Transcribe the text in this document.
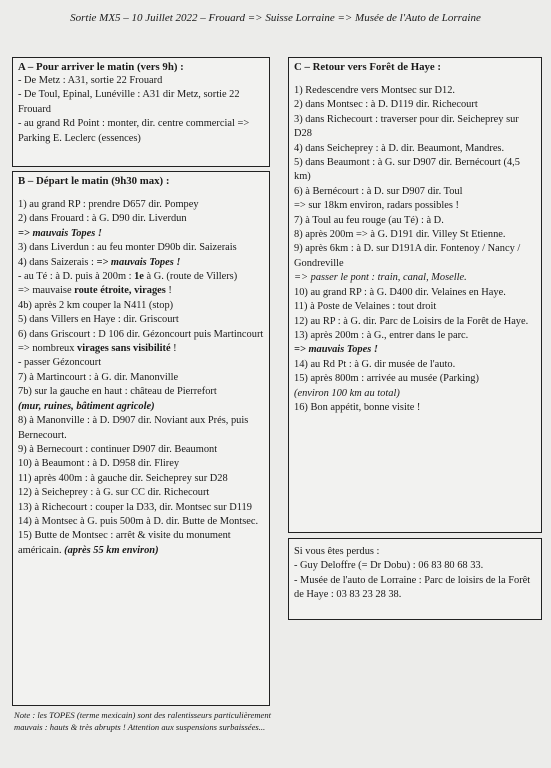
Sortie MX5 – 10 Juillet 2022 – Frouard => Suisse Lorraine => Musée de l'Auto de Lorraine
A – Pour arriver le matin (vers 9h) :

- De Metz : A31, sortie 22 Frouard

- De Toul, Epinal, Lunéville : A31 dir Metz, sortie 22 Frouard

- au grand Rd Point : monter, dir. centre commercial => Parking E. Leclerc (essences)

B – Départ le matin (9h30 max) :

1) au grand RP : prendre D657 dir. Pompey

2) dans Frouard : à G. D90 dir. Liverdun

=> mauvais Topes !

3) dans Liverdun : au feu monter D90b dir. Saizerais

4) dans Saizerais : => mauvais Topes !

- au Té : à D. puis à 200m : 1e à G. (route de Villers)

=> mauvaise route étroite, virages !

4b) après 2 km couper la N411 (stop)

5) dans Villers en Haye : dir. Griscourt

6) dans Griscourt : D 106 dir. Gézoncourt puis Martincourt

=> nombreux virages sans visibilité !

- passer Gézoncourt

7) à Martincourt : à G. dir. Manonville

7b) sur la gauche en haut : château de Pierrefort

(mur, ruines, bâtiment agricole)

8) à Manonville : à D. D907 dir. Noviant aux Prés, puis Bernecourt.

9) à Bernecourt : continuer D907 dir. Beaumont

10) à Beaumont : à D. D958 dir. Flirey

11) après 400m : à gauche dir. Seicheprey sur D28

12) à Seicheprey : à G. sur CC dir. Richecourt

13) à Richecourt : couper la D33, dir. Montsec sur D119

14) à Montsec à G. puis 500m à D. dir. Butte de Montsec.

15) Butte de Montsec : arrêt & visite du monument américain. (après 55 km environ)

Note : les TOPES (terme mexicain) sont des ralentisseurs particulièrement mauvais : hauts & très abrupts ! Attention aux suspensions surbaissées...
C – Retour vers Forêt de Haye :

1) Redescendre vers Montsec sur D12.

2) dans Montsec : à D. D119 dir. Richecourt

3) dans Richecourt : traverser pour dir. Seicheprey sur D28

4) dans Seicheprey : à D. dir. Beaumont, Mandres.

5) dans Beaumont : à G. sur D907 dir. Bernécourt (4,5 km)

6) à Bernécourt : à D. sur D907 dir. Toul

=> sur 18km environ, radars possibles !

7) à Toul au feu rouge (au Té) : à D.

8) après 200m => à G. D191 dir. Villey St Etienne.

9) après 6km : à D. sur D191A dir. Fontenoy / Nancy / Gondreville

=> passer le pont : train, canal, Moselle.

10) au grand RP : à G. D400 dir. Velaines en Haye.

11) à Poste de Velaines : tout droit

12) au RP : à G. dir. Parc de Loisirs de la Forêt de Haye.

13) après 200m : à G., entrer dans le parc.

=> mauvais Topes !

14) au Rd Pt : à G. dir musée de l'auto.

15) après 800m : arrivée au musée (Parking)

(environ 100 km au total)

16) Bon appétit, bonne visite !

Si vous êtes perdus :

- Guy Deloffre (= Dr Dobu) : 06 83 80 68 33.

- Musée de l'auto de Lorraine : Parc de loisirs de la Forêt de Haye : 03 83 23 28 38.
